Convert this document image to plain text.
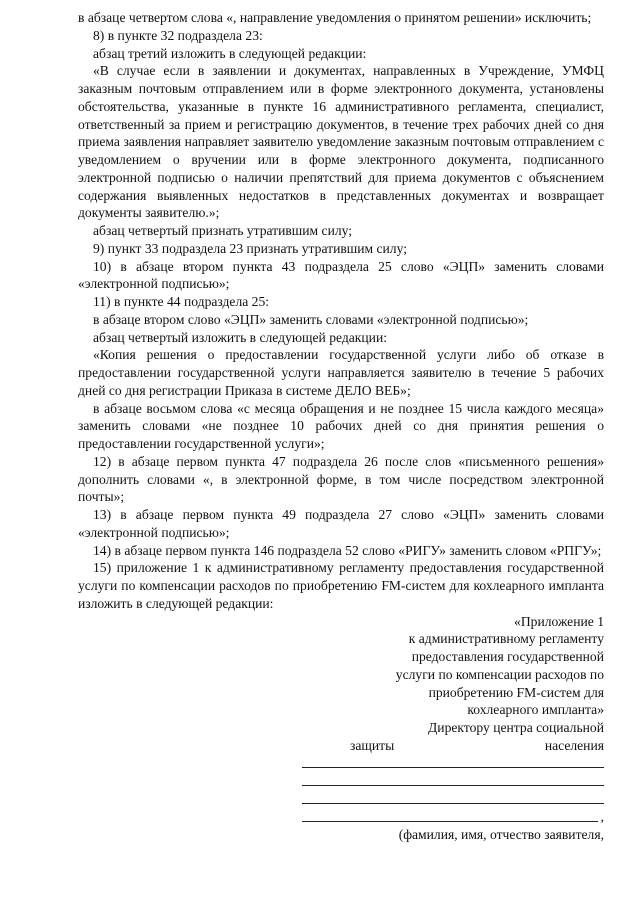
в абзаце четвертом слова «, направление уведомления о принятом решении» исключить;

8) в пункте 32 подраздела 23:

абзац третий изложить в следующей редакции:

«В случае если в заявлении и документах, направленных в Учреждение, УМФЦ заказным почтовым отправлением или в форме электронного документа, установлены обстоятельства, указанные в пункте 16 административного регламента, специалист, ответственный за прием и регистрацию документов, в течение трех рабочих дней со дня приема заявления направляет заявителю уведомление заказным почтовым отправлением с уведомлением о вручении или в форме электронного документа, подписанного электронной подписью о наличии препятствий для приема документов с объяснением содержания выявленных недостатков в представленных документах и возвращает документы заявителю.»;

абзац четвертый признать утратившим силу;

9) пункт 33 подраздела 23 признать утратившим силу;

10) в абзаце втором пункта 43 подраздела 25 слово «ЭЦП» заменить словами «электронной подписью»;

11) в пункте 44 подраздела 25:

в абзаце втором слово «ЭЦП» заменить словами «электронной подписью»;

абзац четвертый изложить в следующей редакции:

«Копия решения о предоставлении государственной услуги либо об отказе в предоставлении государственной услуги направляется заявителю в течение 5 рабочих дней со дня регистрации Приказа в системе ДЕЛО ВЕБ»;

в абзаце восьмом слова «с месяца обращения и не позднее 15 числа каждого месяца» заменить словами «не позднее 10 рабочих дней со дня принятия решения о предоставлении государственной услуги»;

12) в абзаце первом пункта 47 подраздела 26 после слов «письменного решения» дополнить словами «, в электронной форме, в том числе посредством электронной почты»;

13) в абзаце первом пункта 49 подраздела 27 слово «ЭЦП» заменить словами «электронной подписью»;

14) в абзаце первом пункта 146 подраздела 52 слово «РИГУ» заменить словом «РПГУ»;

15) приложение 1 к административному регламенту предоставления государственной услуги по компенсации расходов по приобретению FM-систем для кохлеарного импланта изложить в следующей редакции:

«Приложение 1

к административному регламенту

предоставления государственной

услуги по компенсации расходов по

приобретению FM-систем для

кохлеарного импланта»

Директору центра социальной

защиты	населения
,

(фамилия, имя, отчество заявителя,
